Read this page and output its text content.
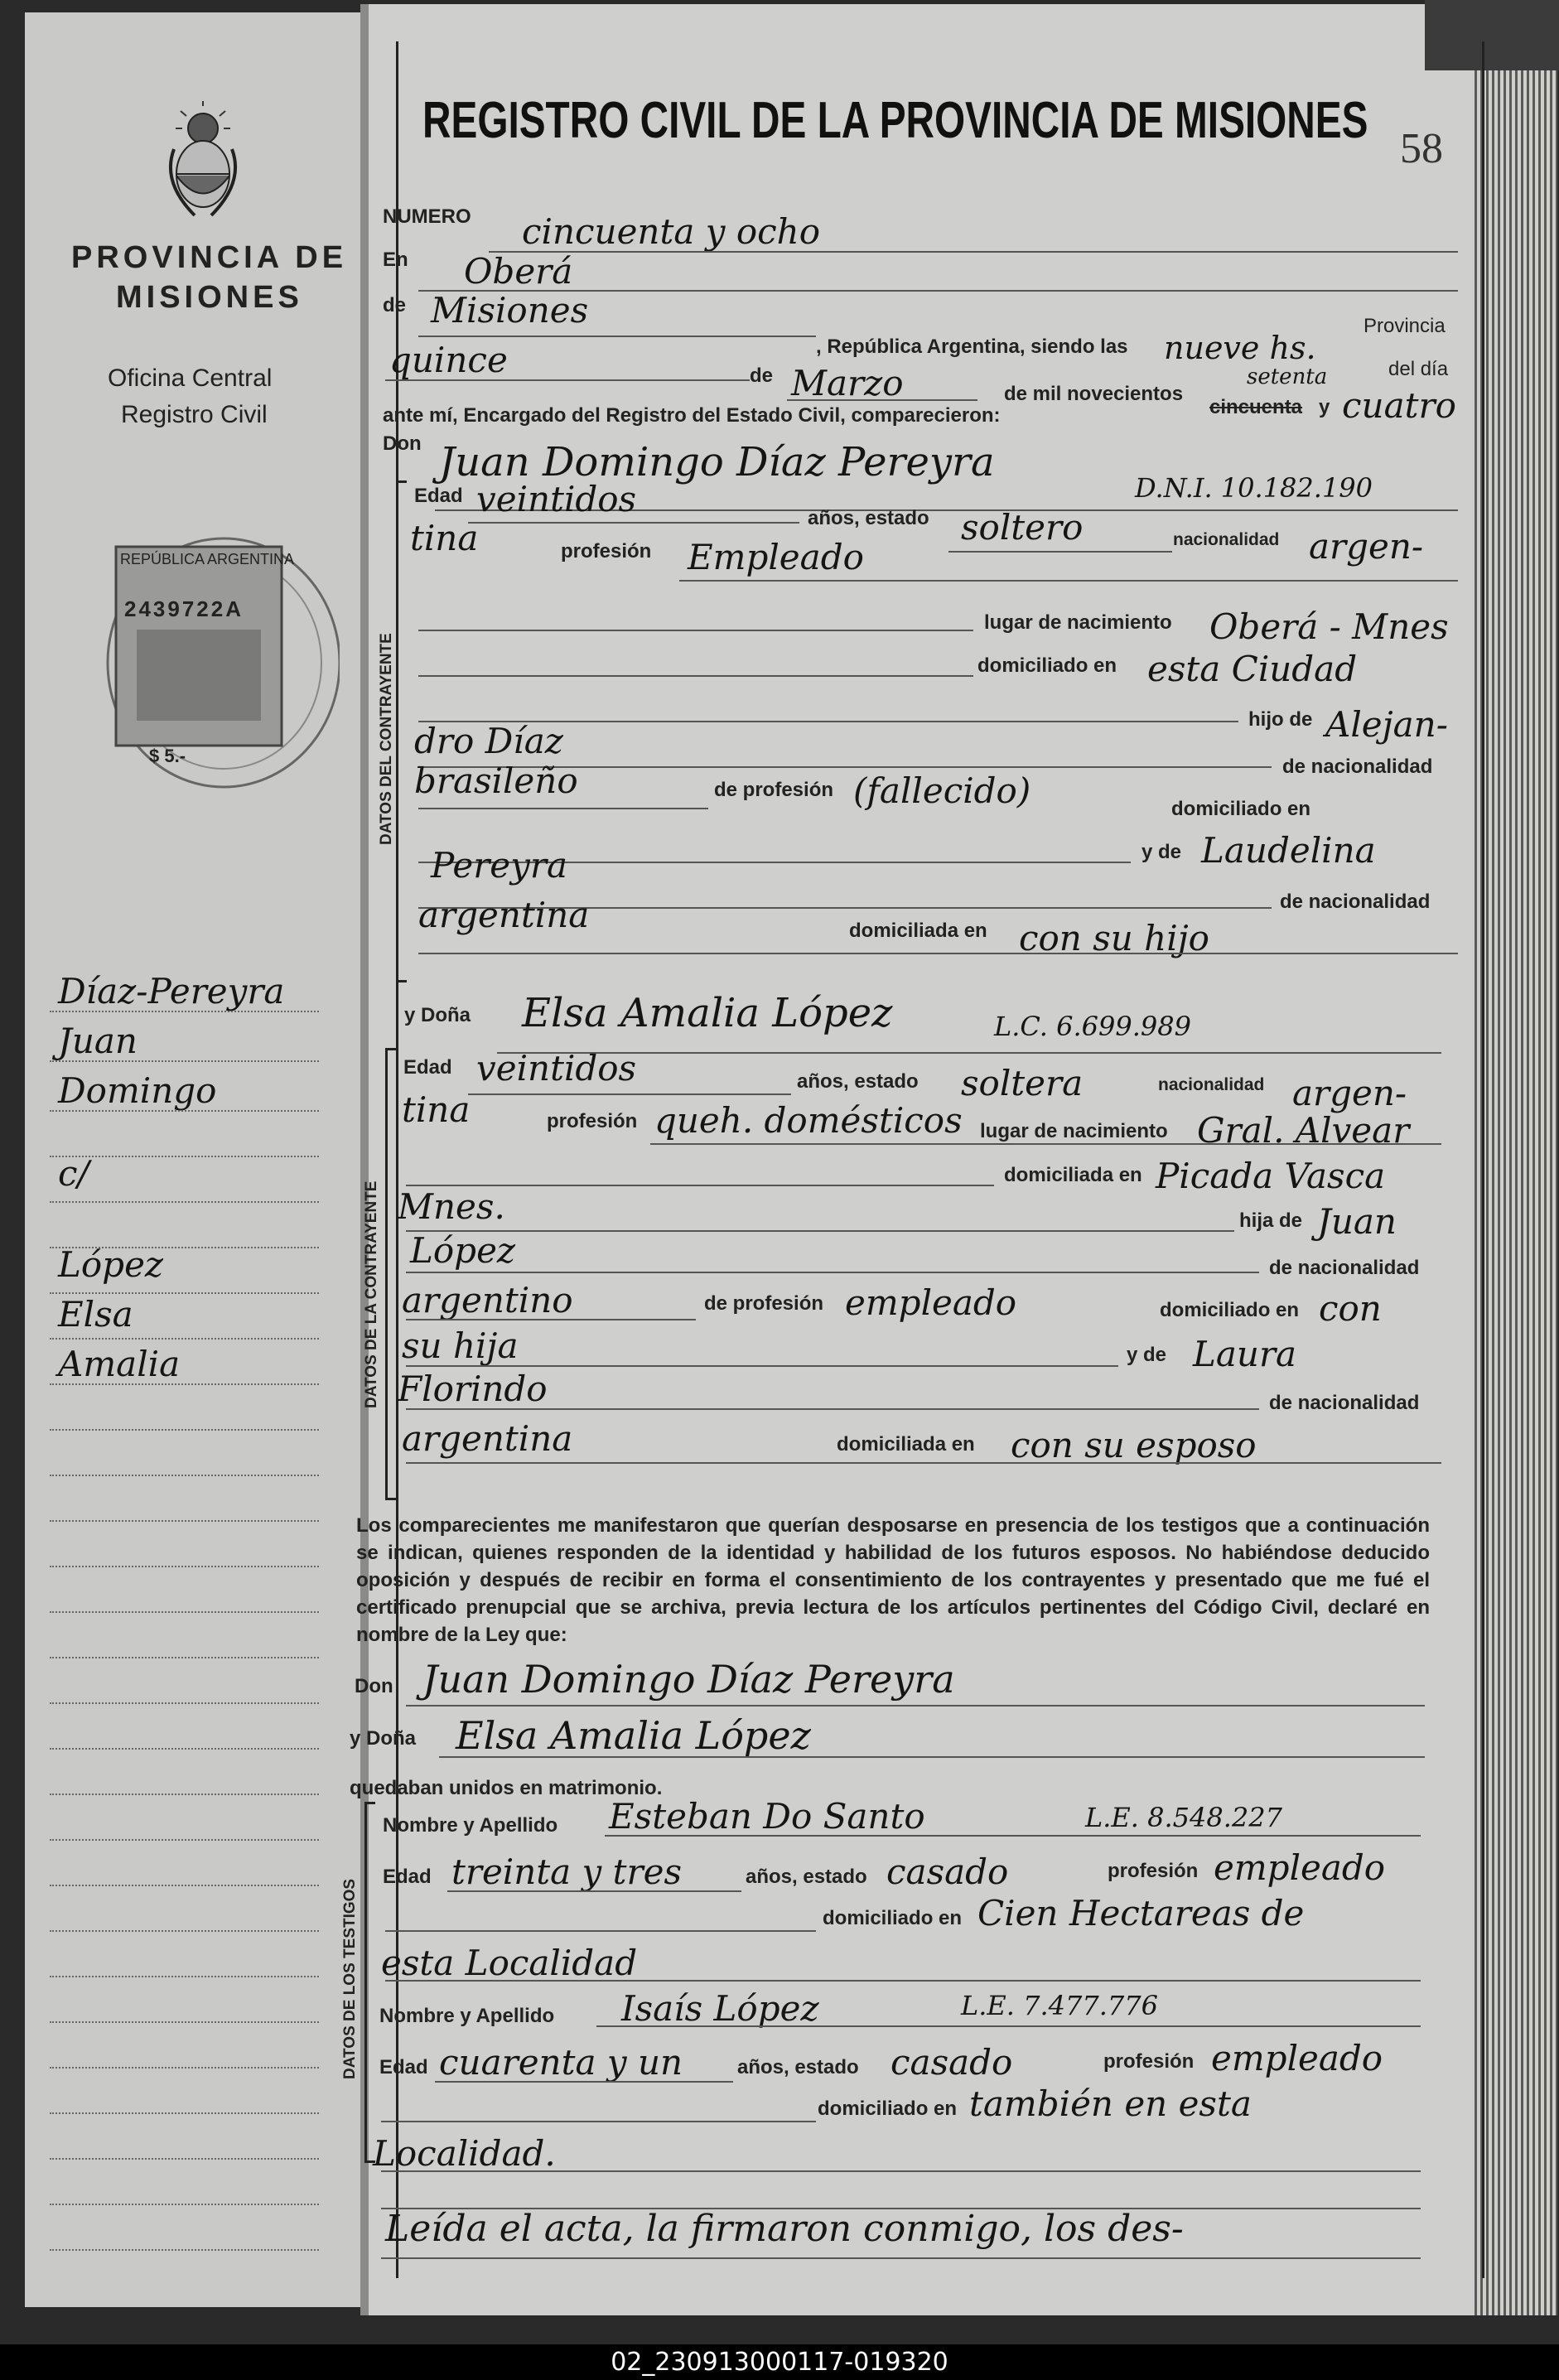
PROVINCIA DE
MISIONES
Oficina Central
Registro Civil
REPÚBLICA ARGENTINA
2439722A
$ 5.-
Díaz-Pereyra
Juan
Domingo
c/
López
Elsa
Amalia
REGISTRO CIVIL DE LA PROVINCIA DE MISIONES 58
NUMERO cincuenta y ocho
En Oberá
de Misiones
, República Argentina, siendo las nueve hs.
Provincia
quince	de Marzo	de mil novecientos
cincuenta
setenta
y cuatro
del día
ante mí, Encargado del Registro del Estado Civil, comparecieron:
Don Juan Domingo Díaz Pereyra
D.N.I. 10.182.190
DATOS DEL CONTRAYENTE
Edad veintidos	años, estado soltero	nacionalidad argen-
tina	profesión Empleado
lugar de nacimiento Oberá - Mnes
domiciliado en esta Ciudad
hijo de Alejan-
dro Díaz
de nacionalidad
brasileño	de profesión (fallecido)	domiciliado en
y de Laudelina
Pereyra
de nacionalidad
argentina	domiciliada en con su hijo
y Doña Elsa Amalia López	L.C. 6.699.989
DATOS DE LA CONTRAYENTE
Edad veintidos	años, estado soltera	nacionalidad argen-
tina	profesión queh. domésticos lugar de nacimiento Gral. Alvear
domiciliada en Picada Vasca
Mnes.	hija de Juan
López	de nacionalidad
argentino	de profesión empleado	domiciliado en con
su hija	y de Laura
Florindo	de nacionalidad
argentina	domiciliada en con su esposo
Los comparecientes me manifestaron que querían desposarse en presencia de los testigos que a continuación se indican, quienes responden de la identidad y habilidad de los futuros esposos. No habiéndose deducido oposición y después de recibir en forma el consentimiento de los contrayentes y presentado que me fué el certificado prenupcial que se archiva, previa lectura de los artículos pertinentes del Código Civil, declaré en nombre de la Ley que:
Don Juan Domingo Díaz Pereyra
y Doña Elsa Amalia López
quedaban unidos en matrimonio.
DATOS DE LOS TESTIGOS
Nombre y Apellido Esteban Do Santo	L.E. 8.548.227
Edad treinta y tres	años, estado casado	profesión empleado
domiciliado en Cien Hectareas de
esta Localidad
Nombre y Apellido Isaís López	L.E. 7.477.776
Edad cuarenta y un	años, estado casado	profesión empleado
domiciliado en también en esta
Localidad.
Leída el acta, la firmaron conmigo, los des-
02_230913000117-019320
